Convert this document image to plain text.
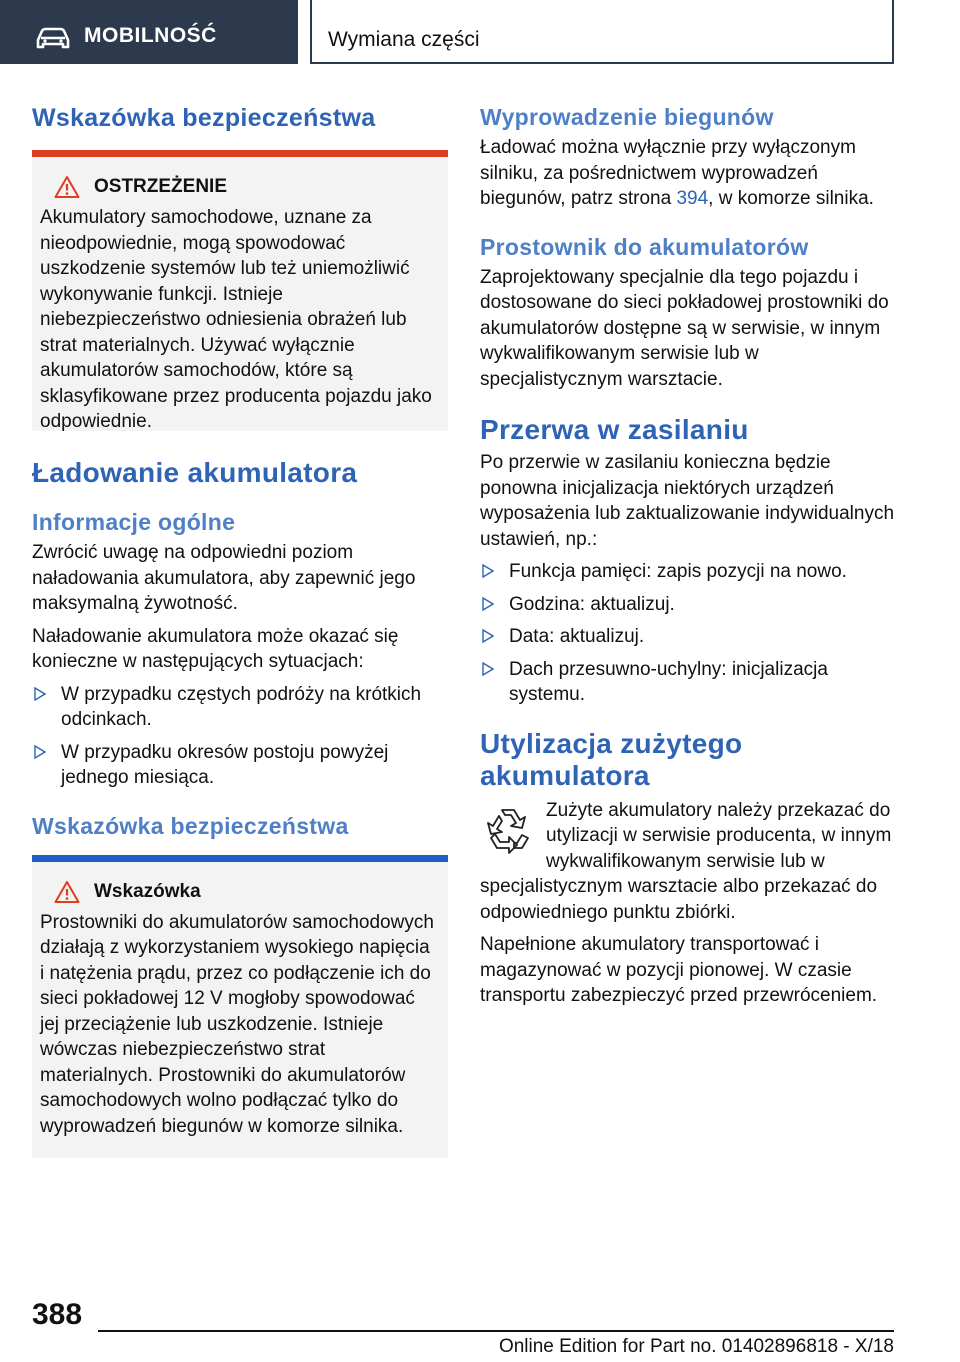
MOBILNOŚĆ	Wymiana części
Wskazówka bezpieczeństwa
OSTRZEŻENIE

Akumulatory samochodowe, uznane za nieodpowiednie, mogą spowodować uszkodzenie systemów lub też uniemożliwić wykonywanie funkcji. Istnieje niebezpieczeństwo odniesienia obrażeń lub strat materialnych. Używać wyłącznie akumulatorów samochodów, które są sklasyfikowane przez producenta pojazdu jako odpowiednie.

Ładowanie akumulatora
Informacje ogólne

Zwrócić uwagę na odpowiedni poziom naładowania akumulatora, aby zapewnić jego maksymalną żywotność.

Naładowanie akumulatora może okazać się konieczne w następujących sytuacjach:

W przypadku częstych podróży na krótkich odcinkach.
W przypadku okresów postoju powyżej jednego miesiąca.
Wskazówka bezpieczeństwa
Wskazówka

Prostowniki do akumulatorów samochodowych działają z wykorzystaniem wysokiego napięcia i natężenia prądu, przez co podłączenie ich do sieci pokładowej 12 V mogłoby spowodować jej przeciążenie lub uszkodzenie. Istnieje wówczas niebezpieczeństwo strat materialnych. Prostowniki do akumulatorów samochodowych wolno podłączać tylko do wyprowadzeń biegunów w komorze silnika.

Wyprowadzenie biegunów

Ładować można wyłącznie przy wyłączonym silniku, za pośrednictwem wyprowadzeń biegunów, patrz strona 394, w komorze silnika.

Prostownik do akumulatorów

Zaprojektowany specjalnie dla tego pojazdu i dostosowane do sieci pokładowej prostowniki do akumulatorów dostępne są w serwisie, w innym wykwalifikowanym serwisie lub w specjalistycznym warsztacie.

Przerwa w zasilaniu

Po przerwie w zasilaniu konieczna będzie ponowna inicjalizacja niektórych urządzeń wyposażenia lub zaktualizowanie indywidualnych ustawień, np.:

Funkcja pamięci: zapis pozycji na nowo.
Godzina: aktualizuj.
Data: aktualizuj.
Dach przesuwno-uchylny: inicjalizacja systemu.
Utylizacja zużytego akumulatora

Zużyte akumulatory należy przekazać do utylizacji w serwisie producenta, w innym wykwalifikowanym serwisie lub w specjalistycznym warsztacie albo przekazać do odpowiedniego punktu zbiórki.

Napełnione akumulatory transportować i magazynować w pozycji pionowej. W czasie transportu zabezpieczyć przed przewróceniem.

388
Online Edition for Part no. 01402896818 - X/18
